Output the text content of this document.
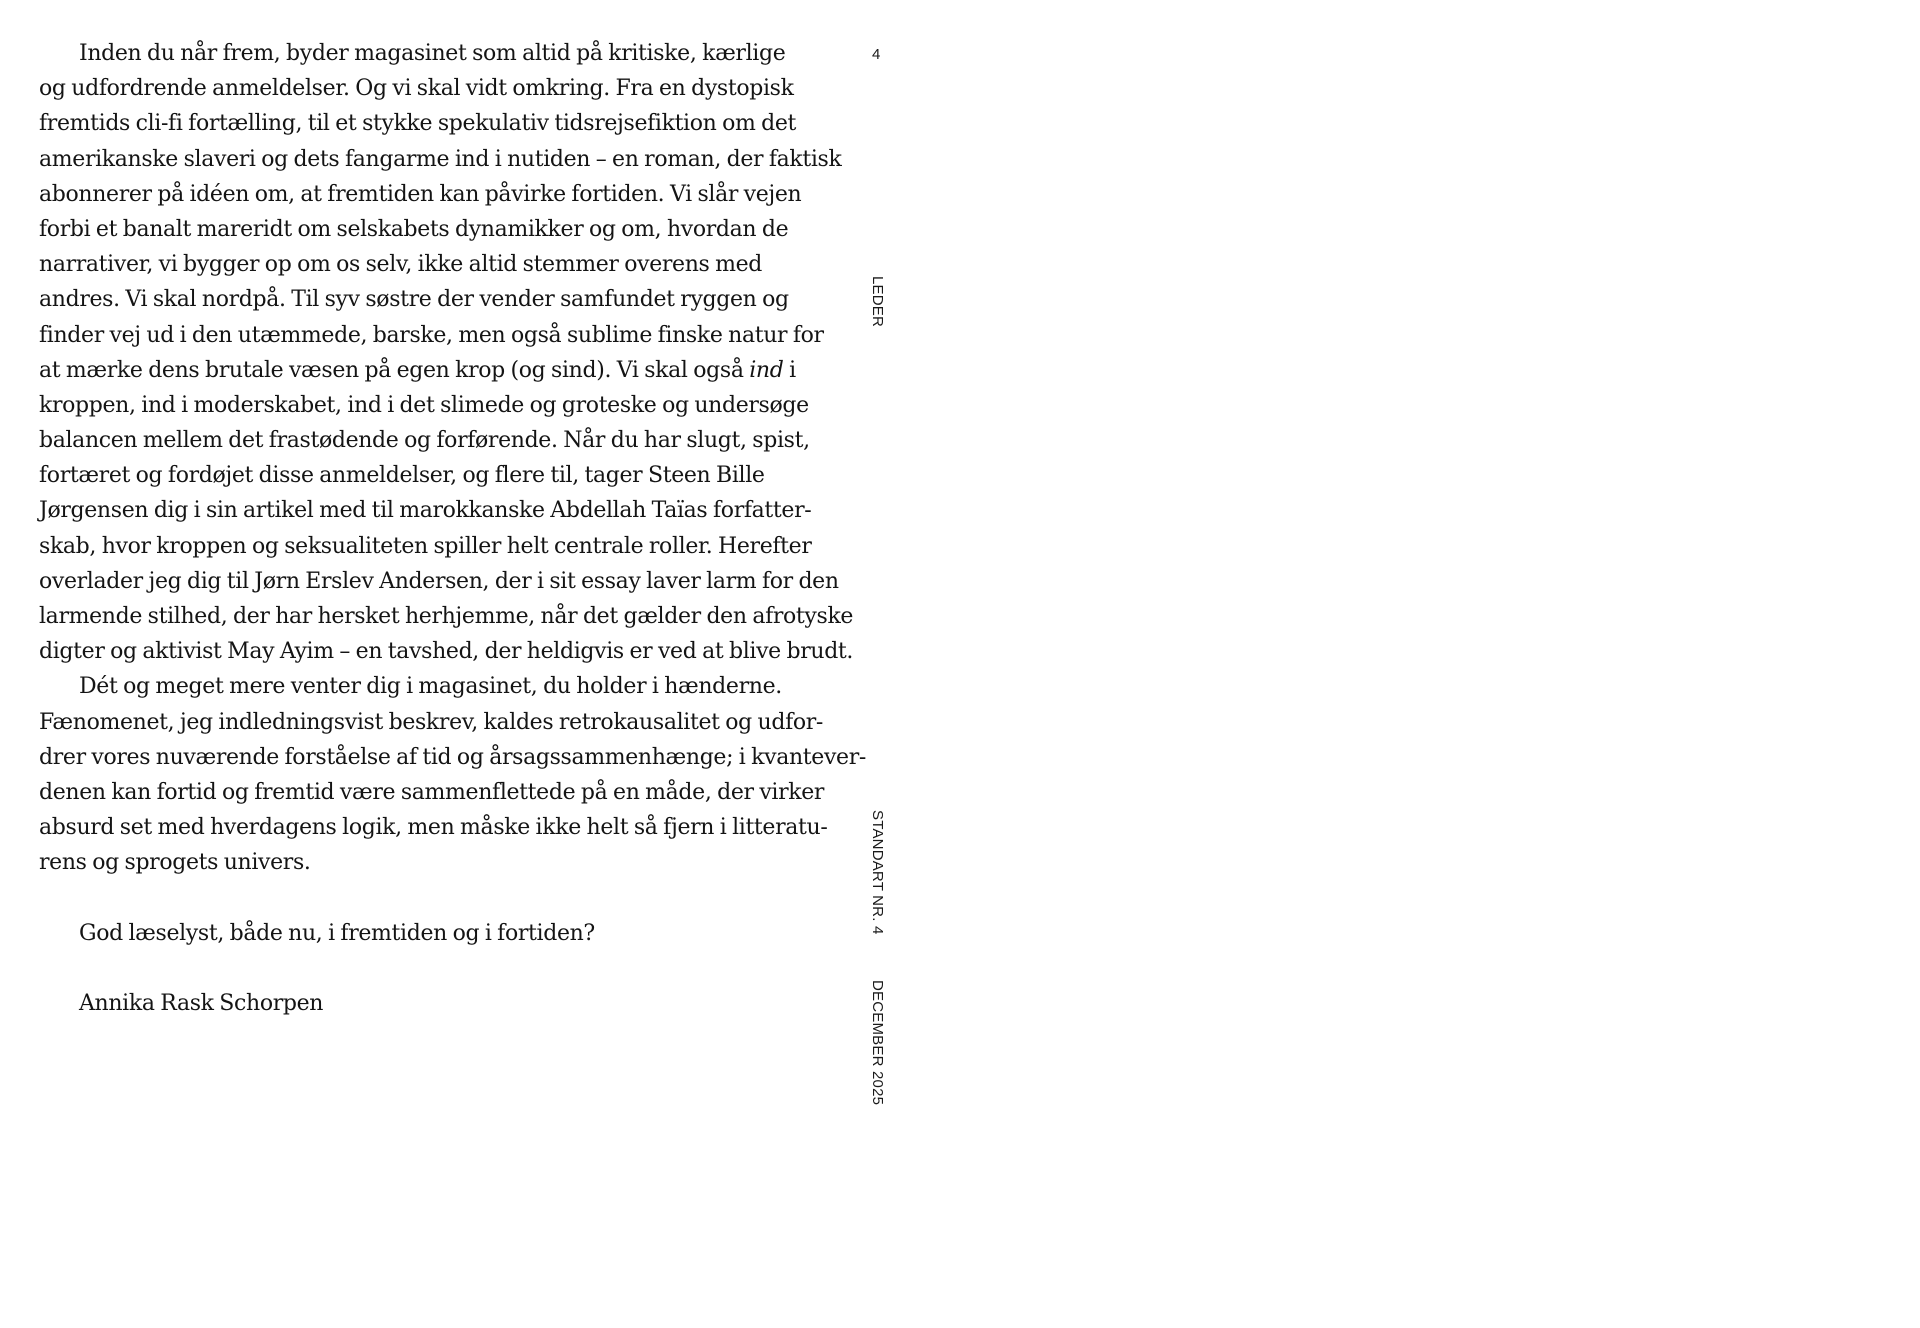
Inden du når frem, byder magasinet som altid på kritiske, kærlige
og udfordrende anmeldelser. Og vi skal vidt omkring. Fra en dystopisk
fremtids cli-fi fortælling, til et stykke spekulativ tidsrejsefiktion om det
amerikanske slaveri og dets fangarme ind i nutiden – en roman, der faktisk
abonnerer på idéen om, at fremtiden kan påvirke fortiden. Vi slår vejen
forbi et banalt mareridt om selskabets dynamikker og om, hvordan de
narrativer, vi bygger op om os selv, ikke altid stemmer overens med
andres. Vi skal nordpå. Til syv søstre der vender samfundet ryggen og
finder vej ud i den utæmmede, barske, men også sublime finske natur for
at mærke dens brutale væsen på egen krop (og sind). Vi skal også ind i
kroppen, ind i moderskabet, ind i det slimede og groteske og undersøge
balancen mellem det frastødende og forførende. Når du har slugt, spist,
fortæret og fordøjet disse anmeldelser, og flere til, tager Steen Bille
Jørgensen dig i sin artikel med til marokkanske Abdellah Taïas forfatter-
skab, hvor kroppen og seksualiteten spiller helt centrale roller. Herefter
overlader jeg dig til Jørn Erslev Andersen, der i sit essay laver larm for den
larmende stilhed, der har hersket herhjemme, når det gælder den afrotyske
digter og aktivist May Ayim – en tavshed, der heldigvis er ved at blive brudt.
Dét og meget mere venter dig i magasinet, du holder i hænderne.
Fænomenet, jeg indledningsvist beskrev, kaldes retrokausalitet og udfor-
drer vores nuværende forståelse af tid og årsagssammenhænge; i kvantever-
denen kan fortid og fremtid være sammenflettede på en måde, der virker
absurd set med hverdagens logik, men måske ikke helt så fjern i litteratu-
rens og sprogets univers.
God læselyst, både nu, i fremtiden og i fortiden?
Annika Rask Schorpen
4
LEDER
STANDART NR. 4
DECEMBER 2025
